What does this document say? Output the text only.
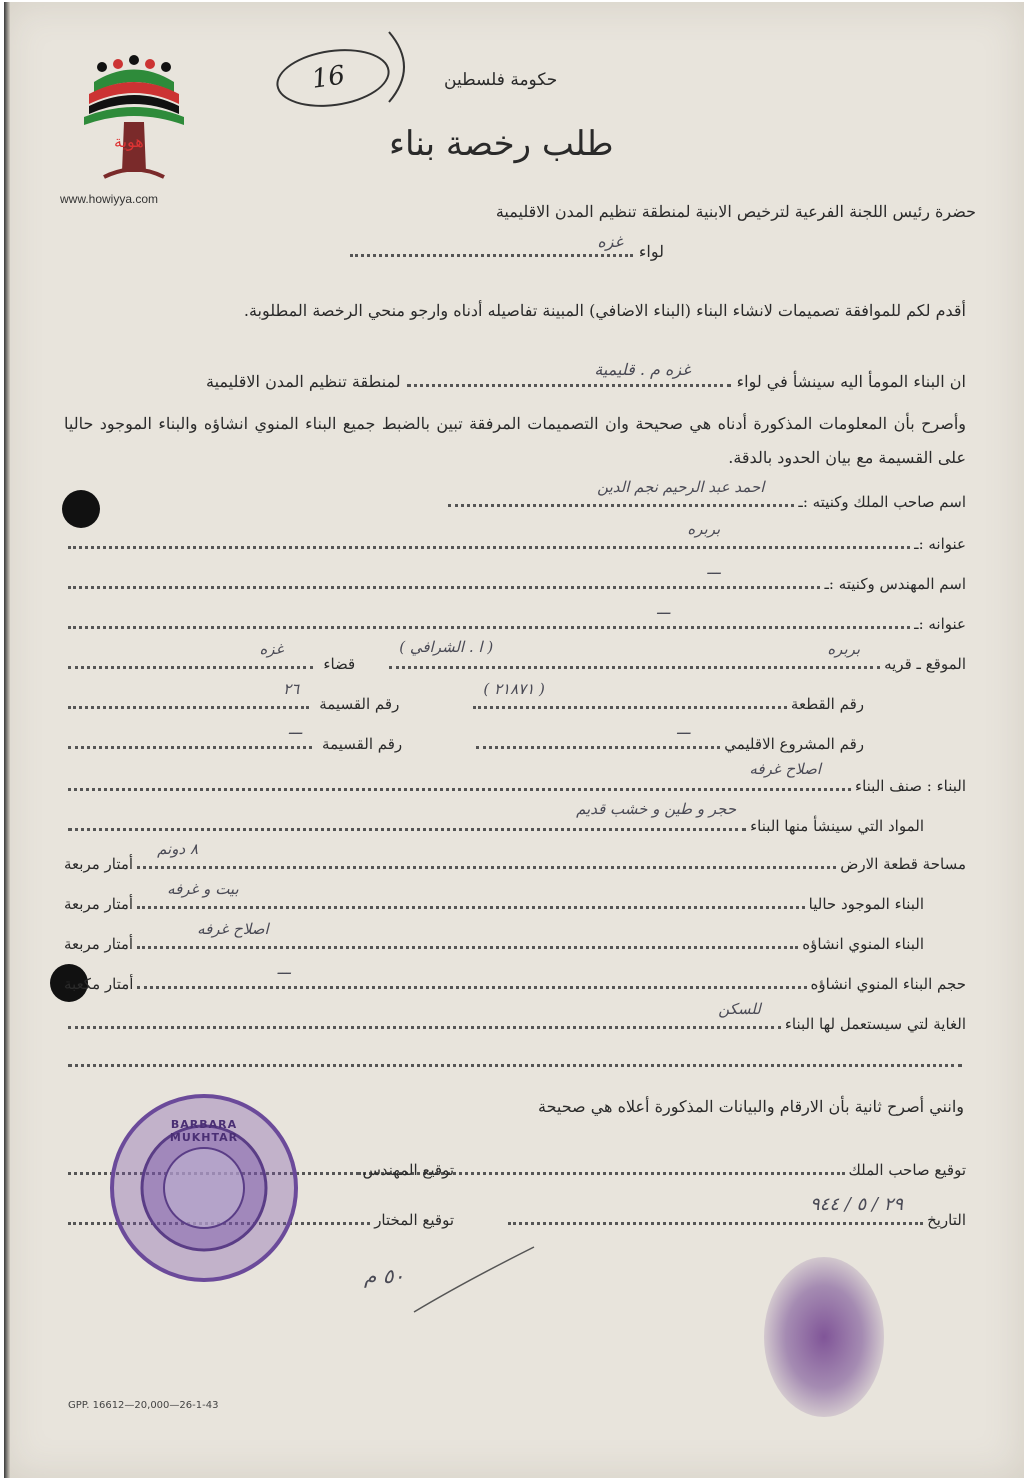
هوية
www.howiyya.com
16	حكومة فلسطين
طلب رخصة بناء
حضرة رئيس اللجنة الفرعية لترخيص الابنية لمنطقة تنظيم المدن الاقليمية
لواء
غزه
أقدم لكم للموافقة تصميمات لانشاء البناء (البناء الاضافي) المبينة تفاصيله أدناه وارجو منحي الرخصة المطلوبة.
ان البناء المومأ اليه سينشأ في لواء
غزه م . قليمية
لمنطقة تنظيم المدن الاقليمية
وأصرح بأن المعلومات المذكورة أدناه هي صحيحة وان التصميمات المرفقة تبين بالضبط جميع البناء المنوي انشاؤه والبناء الموجود حاليا على القسيمة مع بيان الحدود بالدقة.
اسم صاحب الملك وكنيته :ـ
احمد عبد الرحيم نجم الدين
عنوانه :ـ
بربره
اسم المهندس وكنيته :ـ
ـــ
عنوانه :ـ
ـــ
الموقع ـ قريه
بربره
( ا . الشرافي )
قضاء
غزه
رقم القطعة
( ٢١٨٧١ )
رقم القسيمة
٢٦
رقم المشروع الاقليمي
ـــ
رقم القسيمة
ـــ
البناء : صنف البناء
اصلاح غرفه
المواد التي سينشأ منها البناء
حجر و طين و خشب قديم
مساحة قطعة الارض
٨ دونم
أمتار مربعة
البناء الموجود حاليا
بيت و غرفه
أمتار مربعة
البناء المنوي انشاؤه
اصلاح غرفه
أمتار مربعة
حجم البناء المنوي انشاؤه
ـــ
أمتار مكعبة
الغاية لتي سيستعمل لها البناء
للسكن
وانني أصرح ثانية بأن الارقام والبيانات المذكورة أعلاه هي صحيحة
توقيع صاحب الملك
توقيع المهندس
التاريخ
٢٩ / ٥ / ٩٤٤
توقيع المختار
BARBARA MUKHTAR
٥٠ م
GPP. 16612—20,000—26-1-43
